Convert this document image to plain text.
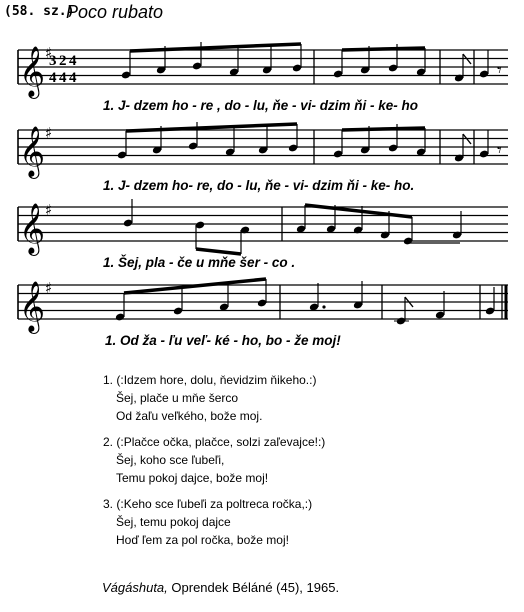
(58. sz.)
Poco rubato
𝄞 ♯
𝄞 ♯
𝄞 ♯
𝄞 ♯
3
4
2
4
4
4	𝄾
𝄾
1. J- dzem ho - re , do - lu, ňe - vi- dzim ňi - ke- ho
1. J- dzem ho- re, do - lu, ňe - vi- dzim ňi - ke- ho.
1. Šej, pla - če u mňe šer - co .
1. Od ža - ľu veľ- ké - ho, bo - že moj!
1. (:Idzem hore, dolu, ňevidzim ňikeho.:)
Šej, plače u mňe šerco
Od žaľu veľkého, bože moj.
2. (:Plačce očka, plačce, solzi zaľevajce!:)
Šej, koho sce ľubeľi,
Temu pokoj dajce, bože moj!
3. (:Keho sce ľubeľi za poltreca ročka,:)
Šej, temu pokoj dajce
Hoď ľem za pol ročka, bože moj!
Vágáshuta, Oprendek Béláné (45), 1965.
